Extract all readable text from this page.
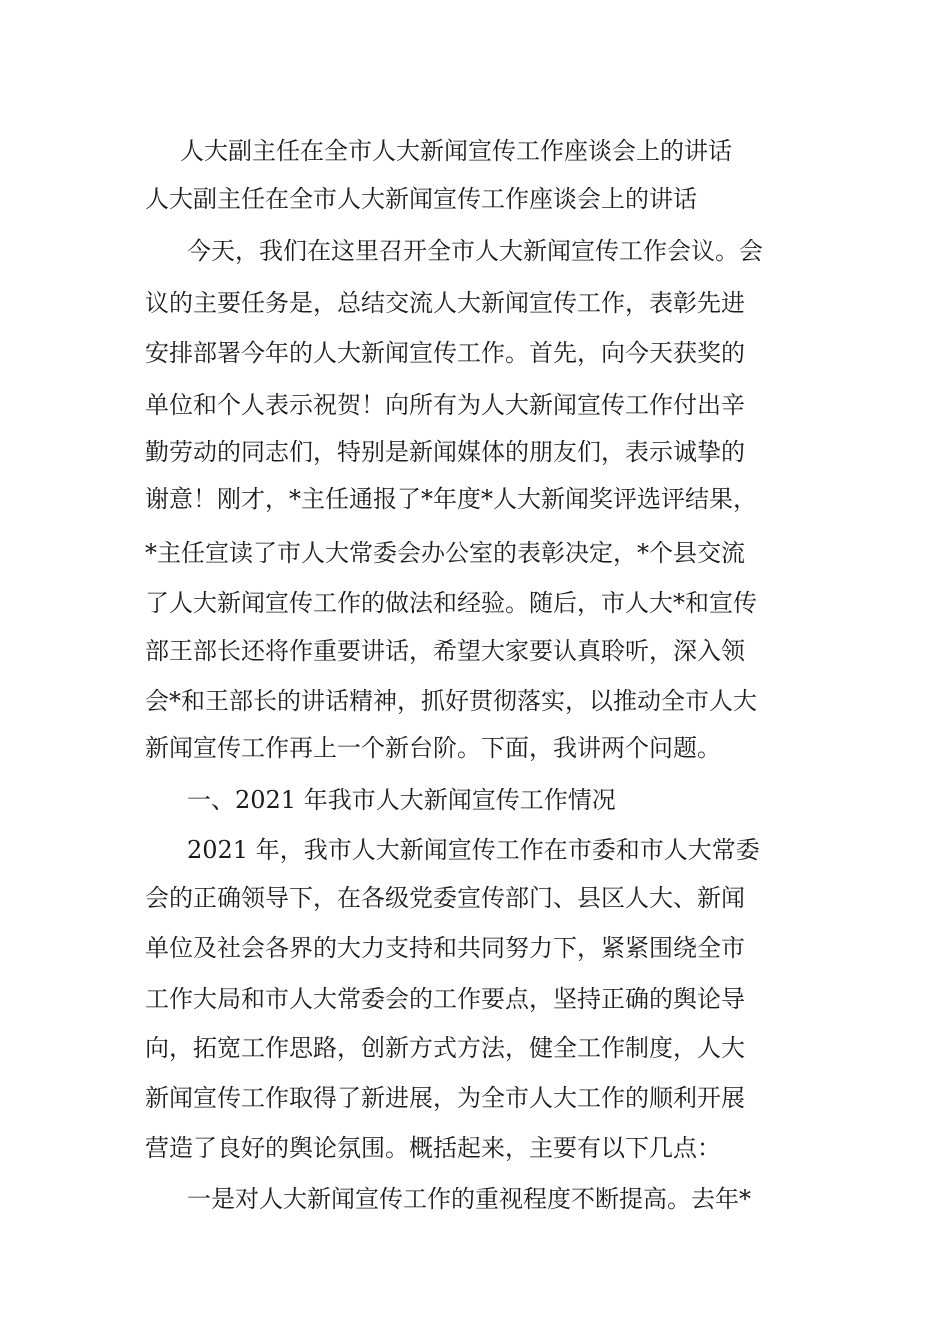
人大副主任在全市人大新闻宣传工作座谈会上的讲话

人大副主任在全市人大新闻宣传工作座谈会上的讲话

今天，我们在这里召开全市人大新闻宣传工作会议。会

议的主要任务是，总结交流人大新闻宣传工作，表彰先进

安排部署今年的人大新闻宣传工作。首先，向今天获奖的

单位和个人表示祝贺！向所有为人大新闻宣传工作付出辛

勤劳动的同志们，特别是新闻媒体的朋友们，表示诚挚的

谢意！刚才，*主任通报了*年度*人大新闻奖评选评结果，

*主任宣读了市人大常委会办公室的表彰决定，*个县交流

了人大新闻宣传工作的做法和经验。随后，市人大*和宣传

部王部长还将作重要讲话，希望大家要认真聆听，深入领

会*和王部长的讲话精神，抓好贯彻落实，以推动全市人大

新闻宣传工作再上一个新台阶。下面，我讲两个问题。

一、2021 年我市人大新闻宣传工作情况

2021 年，我市人大新闻宣传工作在市委和市人大常委

会的正确领导下，在各级党委宣传部门、县区人大、新闻

单位及社会各界的大力支持和共同努力下，紧紧围绕全市

工作大局和市人大常委会的工作要点，坚持正确的舆论导

向，拓宽工作思路，创新方式方法，健全工作制度，人大

新闻宣传工作取得了新进展，为全市人大工作的顺利开展

营造了良好的舆论氛围。概括起来，主要有以下几点：

一是对人大新闻宣传工作的重视程度不断提高。去年*
